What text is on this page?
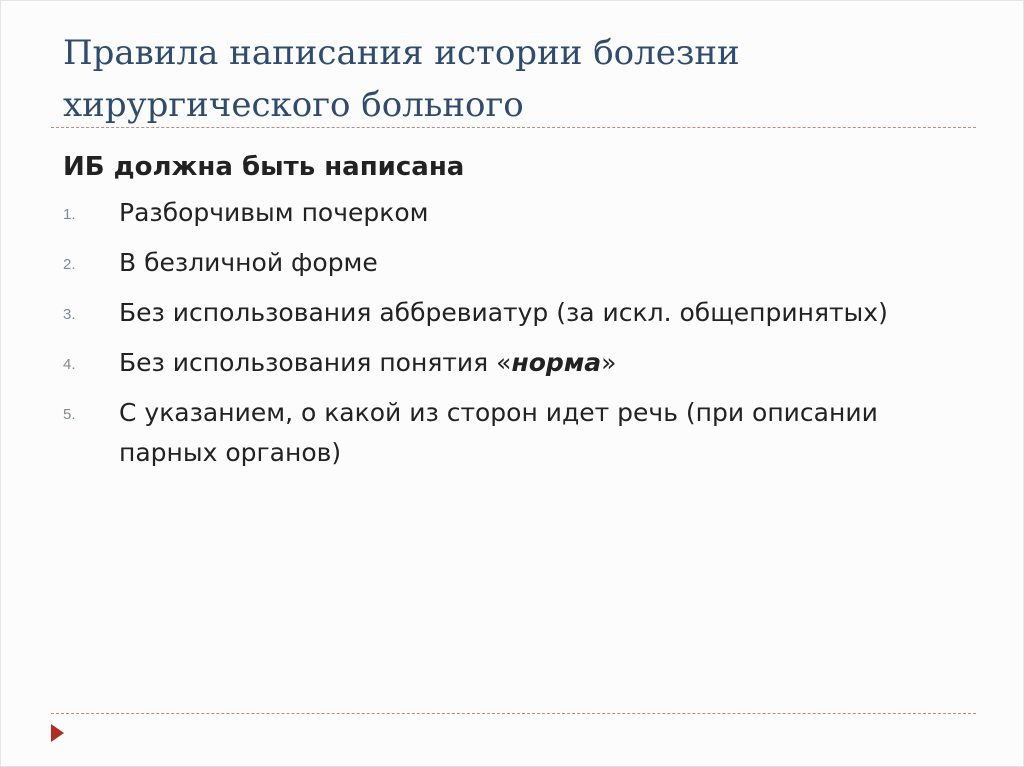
Правила написания истории болезни
хирургического больного
ИБ должна быть написана
1. Разборчивым почерком
2. В безличной форме
3. Без использования аббревиатур (за искл. общепринятых)
4. Без использования понятия «норма»
5. С указанием, о какой из сторон идет речь (при описании парных органов)
